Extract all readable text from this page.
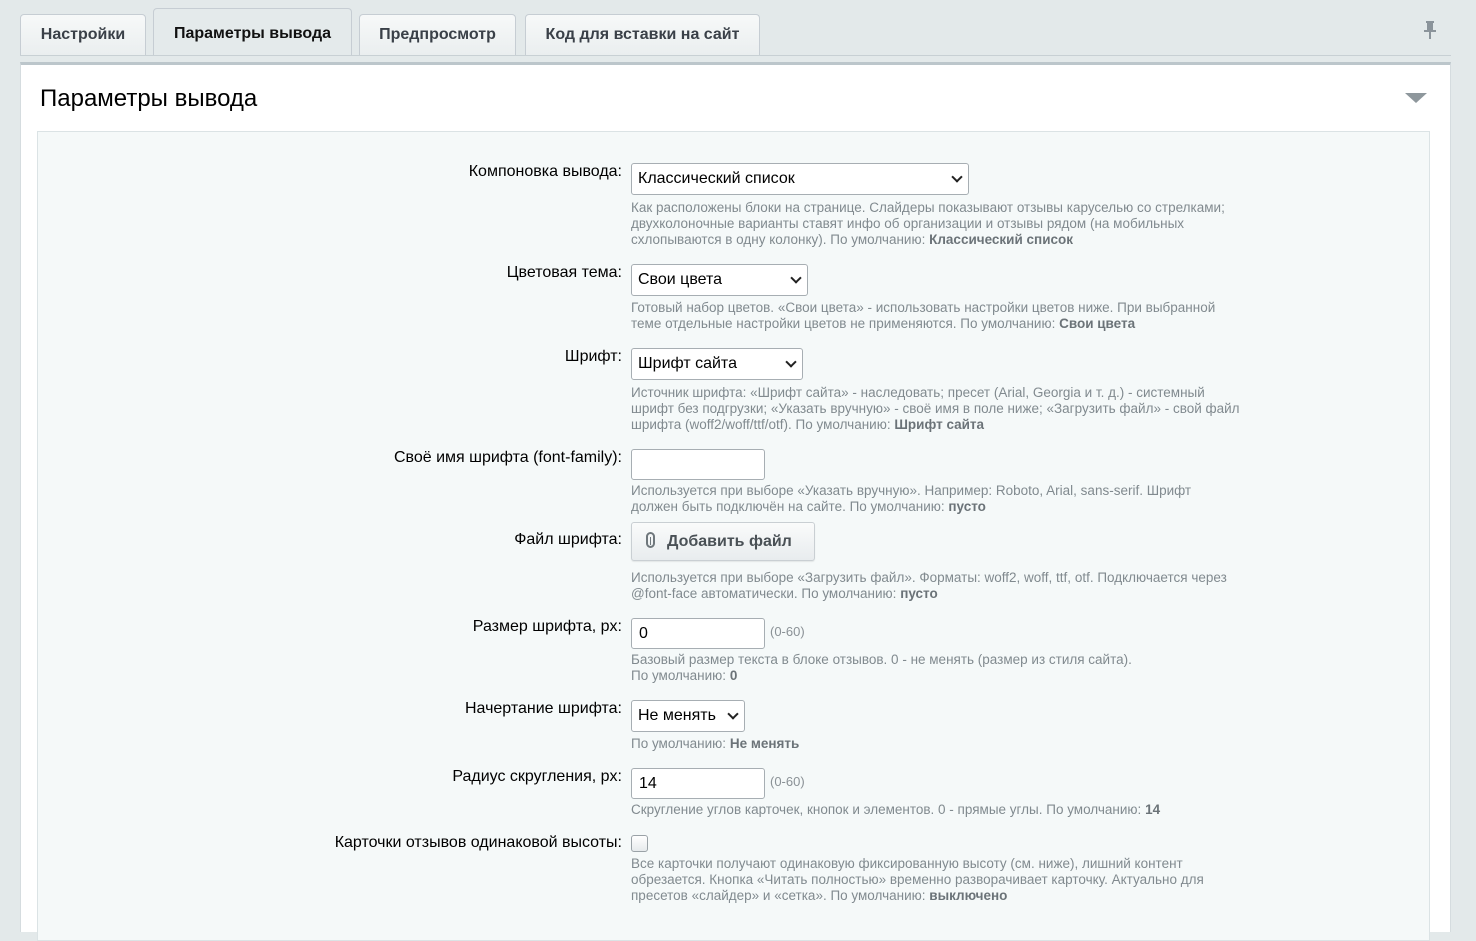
Настройки	Параметры вывода	Предпросмотр	Код для вставки на сайт
Параметры вывода
Компоновка вывода:	Классический список
Как расположены блоки на странице. Слайдеры показывают отзывы каруселью со стрелками; двухколоночные варианты ставят инфо об организации и отзывы рядом (на мобильных схлопываются в одну колонку). По умолчанию: Классический список
Цветовая тема:	Свои цвета
Готовый набор цветов. «Свои цвета» - использовать настройки цветов ниже. При выбранной теме отдельные настройки цветов не применяются. По умолчанию: Свои цвета
Шрифт:	Шрифт сайта
Источник шрифта: «Шрифт сайта» - наследовать; пресет (Arial, Georgia и т. д.) - системный шрифт без подгрузки; «Указать вручную» - своё имя в поле ниже; «Загрузить файл» - свой файл шрифта (woff2/woff/ttf/otf). По умолчанию: Шрифт сайта
Своё имя шрифта (font-family):
Используется при выборе «Указать вручную». Например: Roboto, Arial, sans-serif. Шрифт должен быть подключён на сайте. По умолчанию: пусто
Файл шрифта:	Добавить файл
Используется при выборе «Загрузить файл». Форматы: woff2, woff, ttf, otf. Подключается через @font-face автоматически. По умолчанию: пусто
Размер шрифта, px:	0	(0-60)
Базовый размер текста в блоке отзывов. 0 - не менять (размер из стиля сайта).
По умолчанию: 0
Начертание шрифта:	Не менять
По умолчанию: Не менять
Радиус скругления, px:	14	(0-60)
Скругление углов карточек, кнопок и элементов. 0 - прямые углы. По умолчанию: 14
Карточки отзывов одинаковой высоты:
Все карточки получают одинаковую фиксированную высоту (см. ниже), лишний контент обрезается. Кнопка «Читать полностью» временно разворачивает карточку. Актуально для пресетов «слайдер» и «сетка». По умолчанию: выключено
